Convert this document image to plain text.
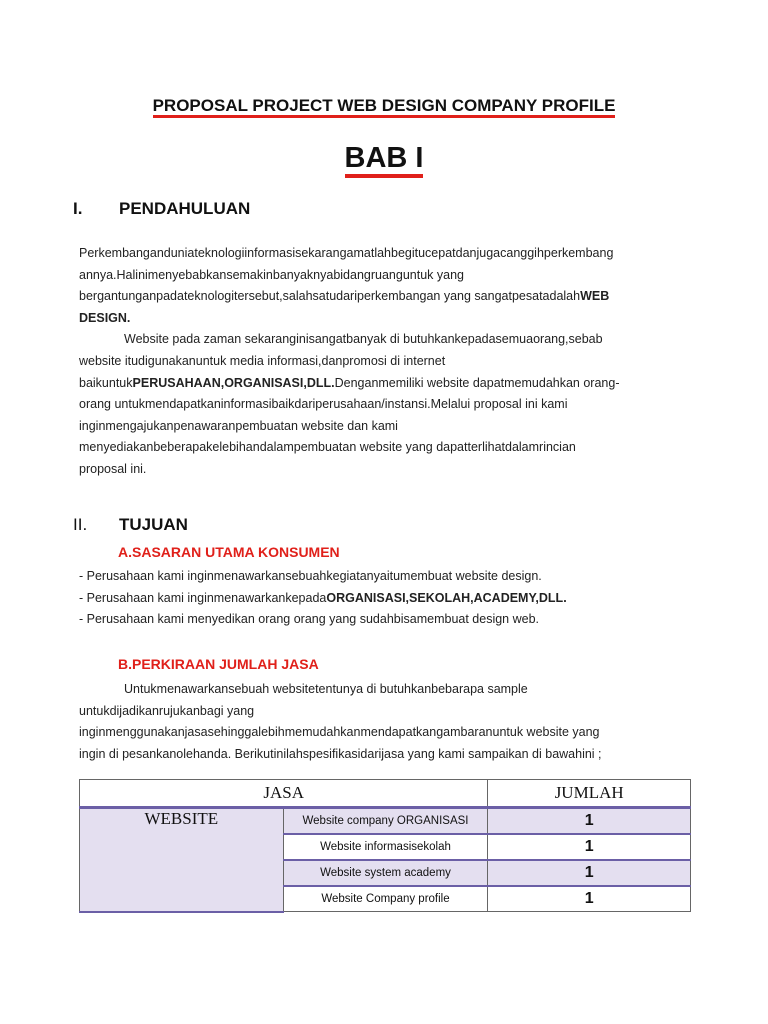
PROPOSAL PROJECT WEB DESIGN COMPANY PROFILE
BAB I
I. PENDAHULUAN
Perkembanganduniateknologiinformasisekarangamatlahbegitucepatdanjugacanggihperkembang
annya.Halinimenyebabkansemakinbanyaknyabidangruanguntuk yang
bergantunganpadateknologitersebut,salahsatudariperkembangan yang sangatpesatadalahWEB
DESIGN.
Website pada zaman sekaranginisangatbanyak di butuhkankepadasemuaorang,sebab
website itudigunakanuntuk media informasi,danpromosi di internet
baikuntukPERUSAHAAN,ORGANISASI,DLL.Denganmemiliki website dapatmemudahkan orang-
orang untukmendapatkaninformasibaikdariperusahaan/instansi.Melalui proposal ini kami
inginmengajukanpenawaranpembuatan website dan kami
menyediakanbeberapakelebihandalampembuatan website yang dapatterlihatdalamrincian
proposal ini.
II. TUJUAN
A.SASARAN UTAMA KONSUMEN
- Perusahaan kami inginmenawarkansebuahkegiatanyaitumembuat website design.
- Perusahaan kami inginmenawarkankepadaORGANISASI,SEKOLAH,ACADEMY,DLL.
- Perusahaan kami menyedikan orang orang yang sudahbisamembuat design web.
B.PERKIRAAN JUMLAH JASA
Untukmenawarkansebuah websitetentunya di butuhkanbebarapa sample
untukdijadikanrujukanbagi yang
inginmenggunakanjasasehinggalebihmemudahkanmendapatkangambaranuntuk website yang
ingin di pesankanolehanda. Berikutinilahspesifikasidarijasa yang kami sampaikan di bawahini ;
JASA		JUMLAH
WEBSITE	Website company ORGANISASI	1
	Website informasisekolah	1
	Website system academy	1
	Website Company profile	1
